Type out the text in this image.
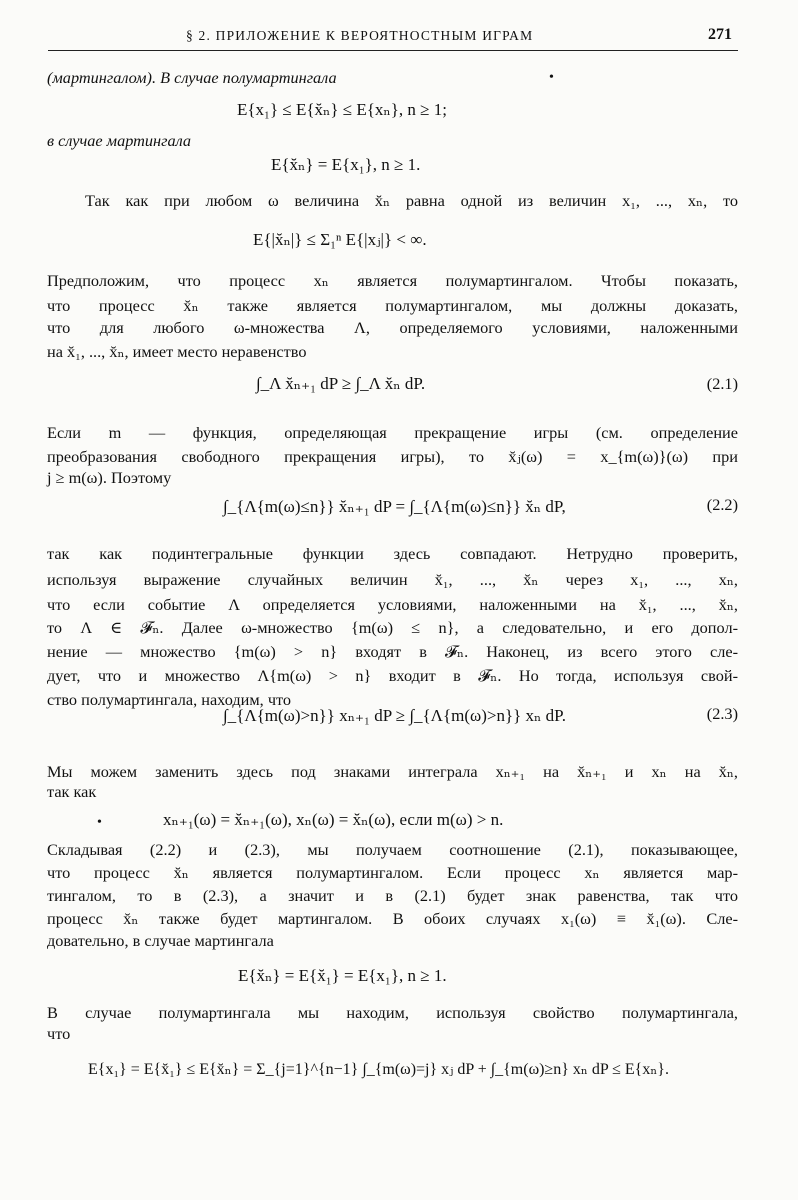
§ 2. ПРИЛОЖЕНИЕ К ВЕРОЯТНОСТНЫМ ИГРАМ	271
•
(мартингалом). В случае полумартингала
E{x₁} ≤ E{x̆ₙ} ≤ E{xₙ}, n ≥ 1;
в случае мартингала
E{x̆ₙ} = E{x₁}, n ≥ 1.
Так как при любом ω величина x̆ₙ равна одной из величин x₁, ..., xₙ, то
E{|x̆ₙ|} ≤ Σ₁ⁿ E{|xⱼ|} < ∞.
Предположим, что процесс xₙ является полумартингалом. Чтобы показать,
что процесс x̆ₙ также является полумартингалом, мы должны доказать,
что для любого ω-множества Λ, определяемого условиями, наложенными
на x̆₁, ..., x̆ₙ, имеет место неравенство
∫_Λ x̆ₙ₊₁ dP ≥ ∫_Λ x̆ₙ dP.	(2.1)
Если m — функция, определяющая прекращение игры (см. определение
преобразования свободного прекращения игры), то x̆ⱼ(ω) = x_{m(ω)}(ω) при
j ≥ m(ω). Поэтому
∫_{Λ{m(ω)≤n}} x̆ₙ₊₁ dP = ∫_{Λ{m(ω)≤n}} x̆ₙ dP,	(2.2)
так как подинтегральные функции здесь совпадают. Нетрудно проверить,
используя выражение случайных величин x̆₁, ..., x̆ₙ через x₁, ..., xₙ,
что если событие Λ определяется условиями, наложенными на x̆₁, ..., x̆ₙ,
то Λ ∈ 𝓕ₙ. Далее ω-множество {m(ω) ≤ n}, а следовательно, и его допол-
нение — множество {m(ω) > n} входят в 𝓕ₙ. Наконец, из всего этого сле-
дует, что и множество Λ{m(ω) > n} входит в 𝓕ₙ. Но тогда, используя свой-
ство полумартингала, находим, что
∫_{Λ{m(ω)>n}} xₙ₊₁ dP ≥ ∫_{Λ{m(ω)>n}} xₙ dP.	(2.3)
Мы можем заменить здесь под знаками интеграла xₙ₊₁ на x̆ₙ₊₁ и xₙ на x̆ₙ,
так как
•	xₙ₊₁(ω) = x̆ₙ₊₁(ω), xₙ(ω) = x̆ₙ(ω), если m(ω) > n.
Складывая (2.2) и (2.3), мы получаем соотношение (2.1), показывающее,
что процесс x̆ₙ является полумартингалом. Если процесс xₙ является мар-
тингалом, то в (2.3), а значит и в (2.1) будет знак равенства, так что
процесс x̆ₙ также будет мартингалом. В обоих случаях x₁(ω) ≡ x̆₁(ω). Сле-
довательно, в случае мартингала
E{x̆ₙ} = E{x̆₁} = E{x₁}, n ≥ 1.
В случае полумартингала мы находим, используя свойство полумартингала,
что
E{x₁} = E{x̆₁} ≤ E{x̆ₙ} = Σ_{j=1}^{n−1} ∫_{m(ω)=j} xⱼ dP + ∫_{m(ω)≥n} xₙ dP ≤ E{xₙ}.
